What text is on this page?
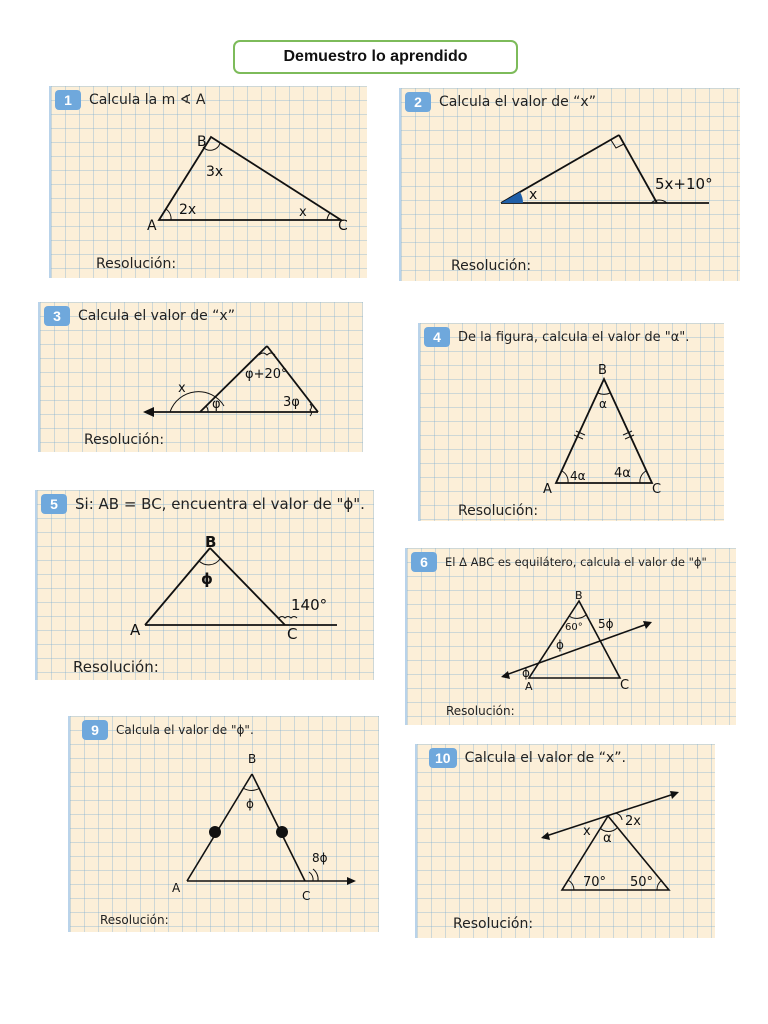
Demuestro lo aprendido
1	Calcula la m ∢ A
B
A	C
3x
2x	x
Resolución:
2	Calcula el valor de “x”
x
5x+10°
Resolución:
3	Calcula el valor de “x”
x
φ+20°
φ	3φ
Resolución:
4	De la figura, calcula el valor de "α".
B
A	C
α
4α 4α
Resolución:
5	Si: AB = BC, encuentra el valor de "ϕ".
B
A	C
ϕ
140°
Resolución:
6	El Δ ABC es equilátero, calcula el valor de "ϕ"
B
A	C
60° 5ϕ
ϕ
ϕ
Resolución:
9	Calcula el valor de "ϕ".
B
A
C
ϕ
8ϕ
Resolución:
10	Calcula el valor de “x”.
x
2x
α
70° 50°
Resolución:
